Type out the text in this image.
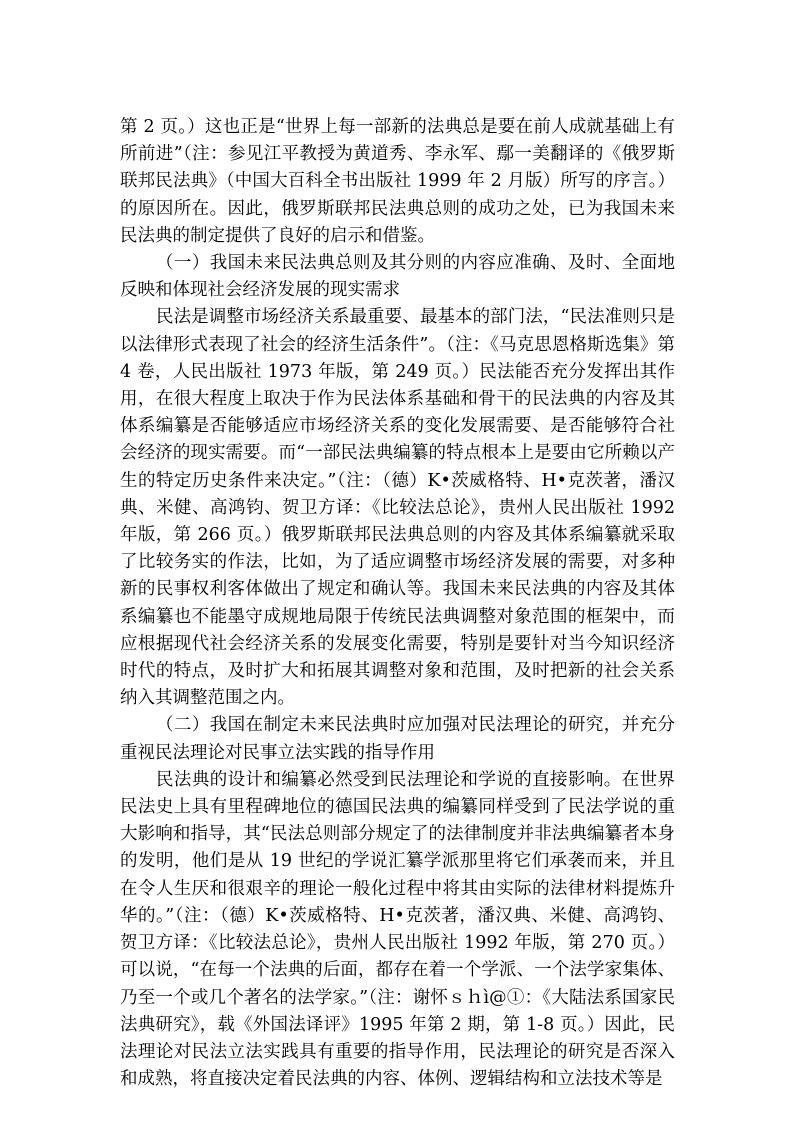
第 2 页。）这也正是“世界上每一部新的法典总是要在前人成就基础上有所前进”（注：参见江平教授为黄道秀、李永军、鄢一美翻译的《俄罗斯联邦民法典》（中国大百科全书出版社 1999 年 2 月版）所写的序言。）的原因所在。因此，俄罗斯联邦民法典总则的成功之处，已为我国未来民法典的制定提供了良好的启示和借鉴。

（一）我国未来民法典总则及其分则的内容应准确、及时、全面地反映和体现社会经济发展的现实需求

民法是调整市场经济关系最重要、最基本的部门法，“民法准则只是以法律形式表现了社会的经济生活条件”。（注：《马克思恩格斯选集》第 4 卷，人民出版社 1973 年版，第 249 页。）民法能否充分发挥出其作用，在很大程度上取决于作为民法体系基础和骨干的民法典的内容及其体系编纂是否能够适应市场经济关系的变化发展需要、是否能够符合社会经济的现实需要。而“一部民法典编纂的特点根本上是要由它所赖以产生的特定历史条件来决定。”（注：（德）K•茨威格特、H•克茨著，潘汉典、米健、高鸿钧、贺卫方译：《比较法总论》，贵州人民出版社 1992 年版，第 266 页。）俄罗斯联邦民法典总则的内容及其体系编纂就采取了比较务实的作法，比如，为了适应调整市场经济发展的需要，对多种新的民事权利客体做出了规定和确认等。我国未来民法典的内容及其体系编纂也不能墨守成规地局限于传统民法典调整对象范围的框架中，而应根据现代社会经济关系的发展变化需要，特别是要针对当今知识经济时代的特点，及时扩大和拓展其调整对象和范围，及时把新的社会关系纳入其调整范围之内。

（二）我国在制定未来民法典时应加强对民法理论的研究，并充分重视民法理论对民事立法实践的指导作用

民法典的设计和编纂必然受到民法理论和学说的直接影响。在世界民法史上具有里程碑地位的德国民法典的编纂同样受到了民法学说的重大影响和指导，其“民法总则部分规定了的法律制度并非法典编纂者本身的发明，他们是从 19 世纪的学说汇纂学派那里将它们承袭而来，并且在令人生厌和很艰辛的理论一般化过程中将其由实际的法律材料提炼升华的。”（注：（德）K•茨威格特、H•克茨著，潘汉典、米健、高鸿钧、贺卫方译：《比较法总论》，贵州人民出版社 1992 年版，第 270 页。）可以说，“在每一个法典的后面，都存在着一个学派、一个法学家集体、乃至一个或几个著名的法学家。”（注：谢怀ｓｈì@①：《大陆法系国家民法典研究》，载《外国法译评》1995 年第 2 期，第 1-8 页。）因此，民法理论对民法立法实践具有重要的指导作用，民法理论的研究是否深入和成熟，将直接决定着民法典的内容、体例、逻辑结构和立法技术等是
